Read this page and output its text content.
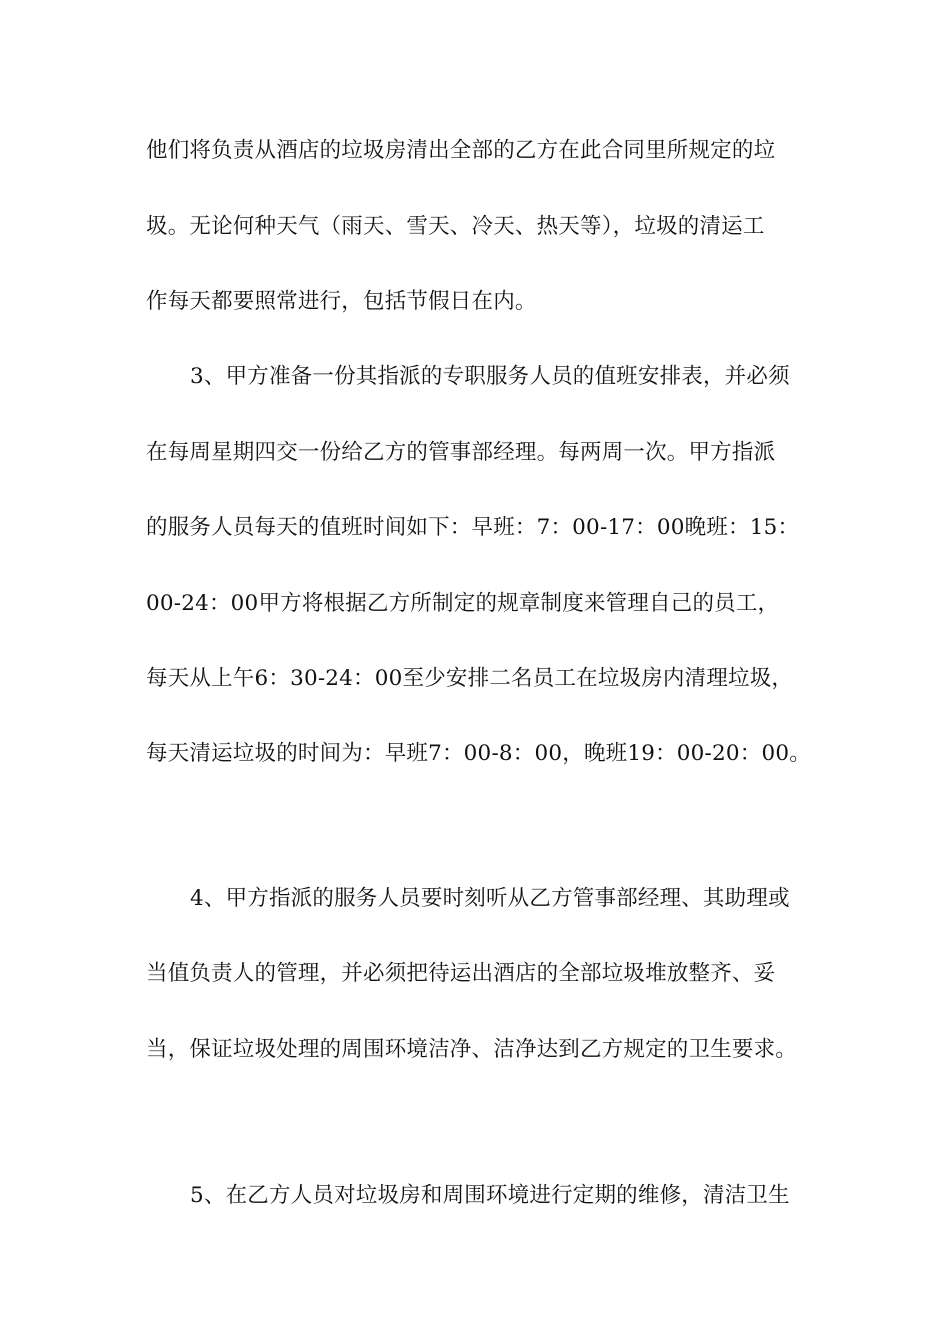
他们将负责从酒店的垃圾房清出全部的乙方在此合同里所规定的垃
圾。无论何种天气（雨天、雪天、冷天、热天等），垃圾的清运工
作每天都要照常进行，包括节假日在内。
3、甲方准备一份其指派的专职服务人员的值班安排表，并必须
在每周星期四交一份给乙方的管事部经理。每两周一次。甲方指派
的服务人员每天的值班时间如下：早班：7：00-17：00晚班：15：
00-24：00甲方将根据乙方所制定的规章制度来管理自己的员工，
每天从上午6：30-24：00至少安排二名员工在垃圾房内清理垃圾，
每天清运垃圾的时间为：早班7：00-8：00，晚班19：00-20：00。
4、甲方指派的服务人员要时刻听从乙方管事部经理、其助理或
当值负责人的管理，并必须把待运出酒店的全部垃圾堆放整齐、妥
当，保证垃圾处理的周围环境洁净、洁净达到乙方规定的卫生要求。
5、在乙方人员对垃圾房和周围环境进行定期的维修，清洁卫生
